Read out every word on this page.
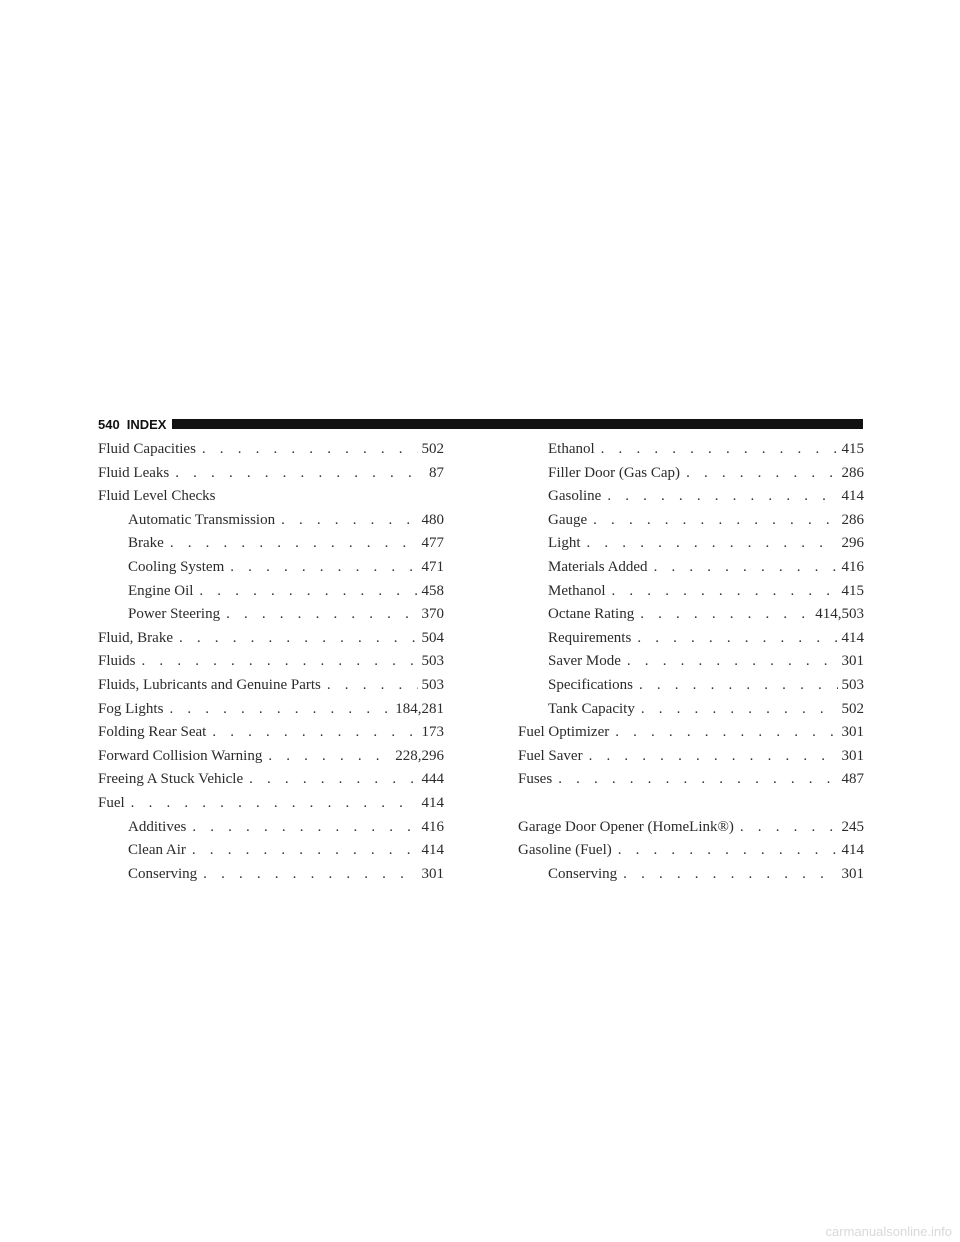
540 INDEX
Fluid Capacities . . .	502
Fluid Leaks . . .	87
Fluid Level Checks
Automatic Transmission . . .	480
Brake . . .	477
Cooling System . . .	471
Engine Oil . . .	458
Power Steering . . .	370
Fluid, Brake . . .	504
Fluids . . .	503
Fluids, Lubricants and Genuine Parts . . .	503
Fog Lights . . .	184,281
Folding Rear Seat . . .	173
Forward Collision Warning . . .	228,296
Freeing A Stuck Vehicle . . .	444
Fuel . . .	414
Additives . . .	416
Clean Air . . .	414
Conserving . . .	301
Ethanol . . .	415
Filler Door (Gas Cap) . . .	286
Gasoline . . .	414
Gauge . . .	286
Light . . .	296
Materials Added . . .	416
Methanol . . .	415
Octane Rating . . .	414,503
Requirements . . .	414
Saver Mode . . .	301
Specifications . . .	503
Tank Capacity . . .	502
Fuel Optimizer . . .	301
Fuel Saver . . .	301
Fuses . . .	487
Garage Door Opener (HomeLink®) . . .	245
Gasoline (Fuel) . . .	414
Conserving . . .	301
carmanualsonline.info
